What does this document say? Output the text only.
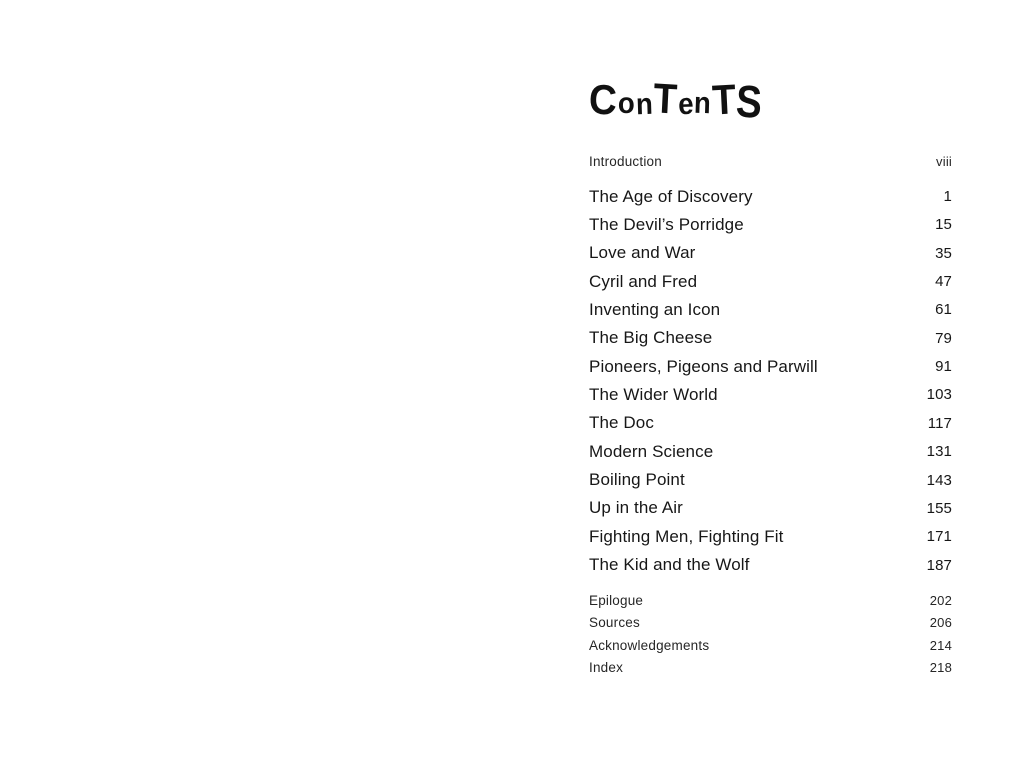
ConTenTS
Introduction	viii
The Age of Discovery	1
The Devil’s Porridge	15
Love and War	35
Cyril and Fred	47
Inventing an Icon	61
The Big Cheese	79
Pioneers, Pigeons and Parwill	91
The Wider World	103
The Doc	117
Modern Science	131
Boiling Point	143
Up in the Air	155
Fighting Men, Fighting Fit	171
The Kid and the Wolf	187
Epilogue	202
Sources	206
Acknowledgements	214
Index	218
